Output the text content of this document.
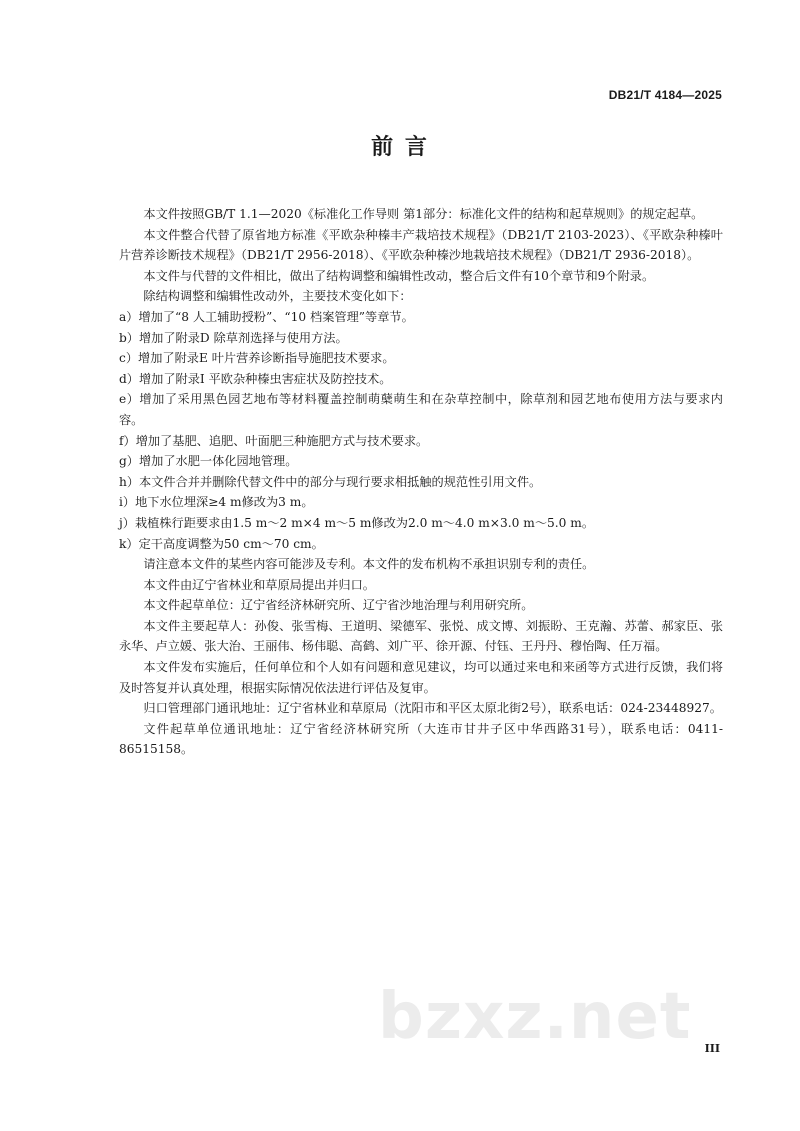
DB21/T 4184—2025
前 言

本文件按照GB/T 1.1—2020《标准化工作导则 第1部分：标准化文件的结构和起草规则》的规定起草。

本文件整合代替了原省地方标准《平欧杂种榛丰产栽培技术规程》（DB21/T 2103-2023）、《平欧杂种榛叶片营养诊断技术规程》（DB21/T 2956-2018）、《平欧杂种榛沙地栽培技术规程》（DB21/T 2936-2018）。

本文件与代替的文件相比，做出了结构调整和编辑性改动，整合后文件有10个章节和9个附录。

除结构调整和编辑性改动外，主要技术变化如下：

a）增加了“8 人工辅助授粉”、“10 档案管理”等章节。

b）增加了附录D 除草剂选择与使用方法。

c）增加了附录E 叶片营养诊断指导施肥技术要求。

d）增加了附录I 平欧杂种榛虫害症状及防控技术。

e）增加了采用黑色园艺地布等材料覆盖控制萌蘖萌生和在杂草控制中，除草剂和园艺地布使用方法与要求内容。

f）增加了基肥、追肥、叶面肥三种施肥方式与技术要求。

g）增加了水肥一体化园地管理。

h）本文件合并并删除代替文件中的部分与现行要求相抵触的规范性引用文件。

i）地下水位埋深≥4 m修改为3 m。

j）栽植株行距要求由1.5 m～2 m×4 m～5 m修改为2.0 m～4.0 m×3.0 m～5.0 m。

k）定干高度调整为50 cm～70 cm。

请注意本文件的某些内容可能涉及专利。本文件的发布机构不承担识别专利的责任。

本文件由辽宁省林业和草原局提出并归口。

本文件起草单位：辽宁省经济林研究所、辽宁省沙地治理与利用研究所。

本文件主要起草人：孙俊、张雪梅、王道明、梁德军、张悦、成文博、刘振盼、王克瀚、苏蕾、郝家臣、张永华、卢立媛、张大治、王丽伟、杨伟聪、高鹤、刘广平、徐开源、付钰、王丹丹、穆怡陶、任万福。

本文件发布实施后，任何单位和个人如有问题和意见建议，均可以通过来电和来函等方式进行反馈，我们将及时答复并认真处理，根据实际情况依法进行评估及复审。

归口管理部门通讯地址：辽宁省林业和草原局（沈阳市和平区太原北街2号），联系电话：024-23448927。

文件起草单位通讯地址：辽宁省经济林研究所（大连市甘井子区中华西路31号），联系电话：0411-86515158。

bzxz.net III
